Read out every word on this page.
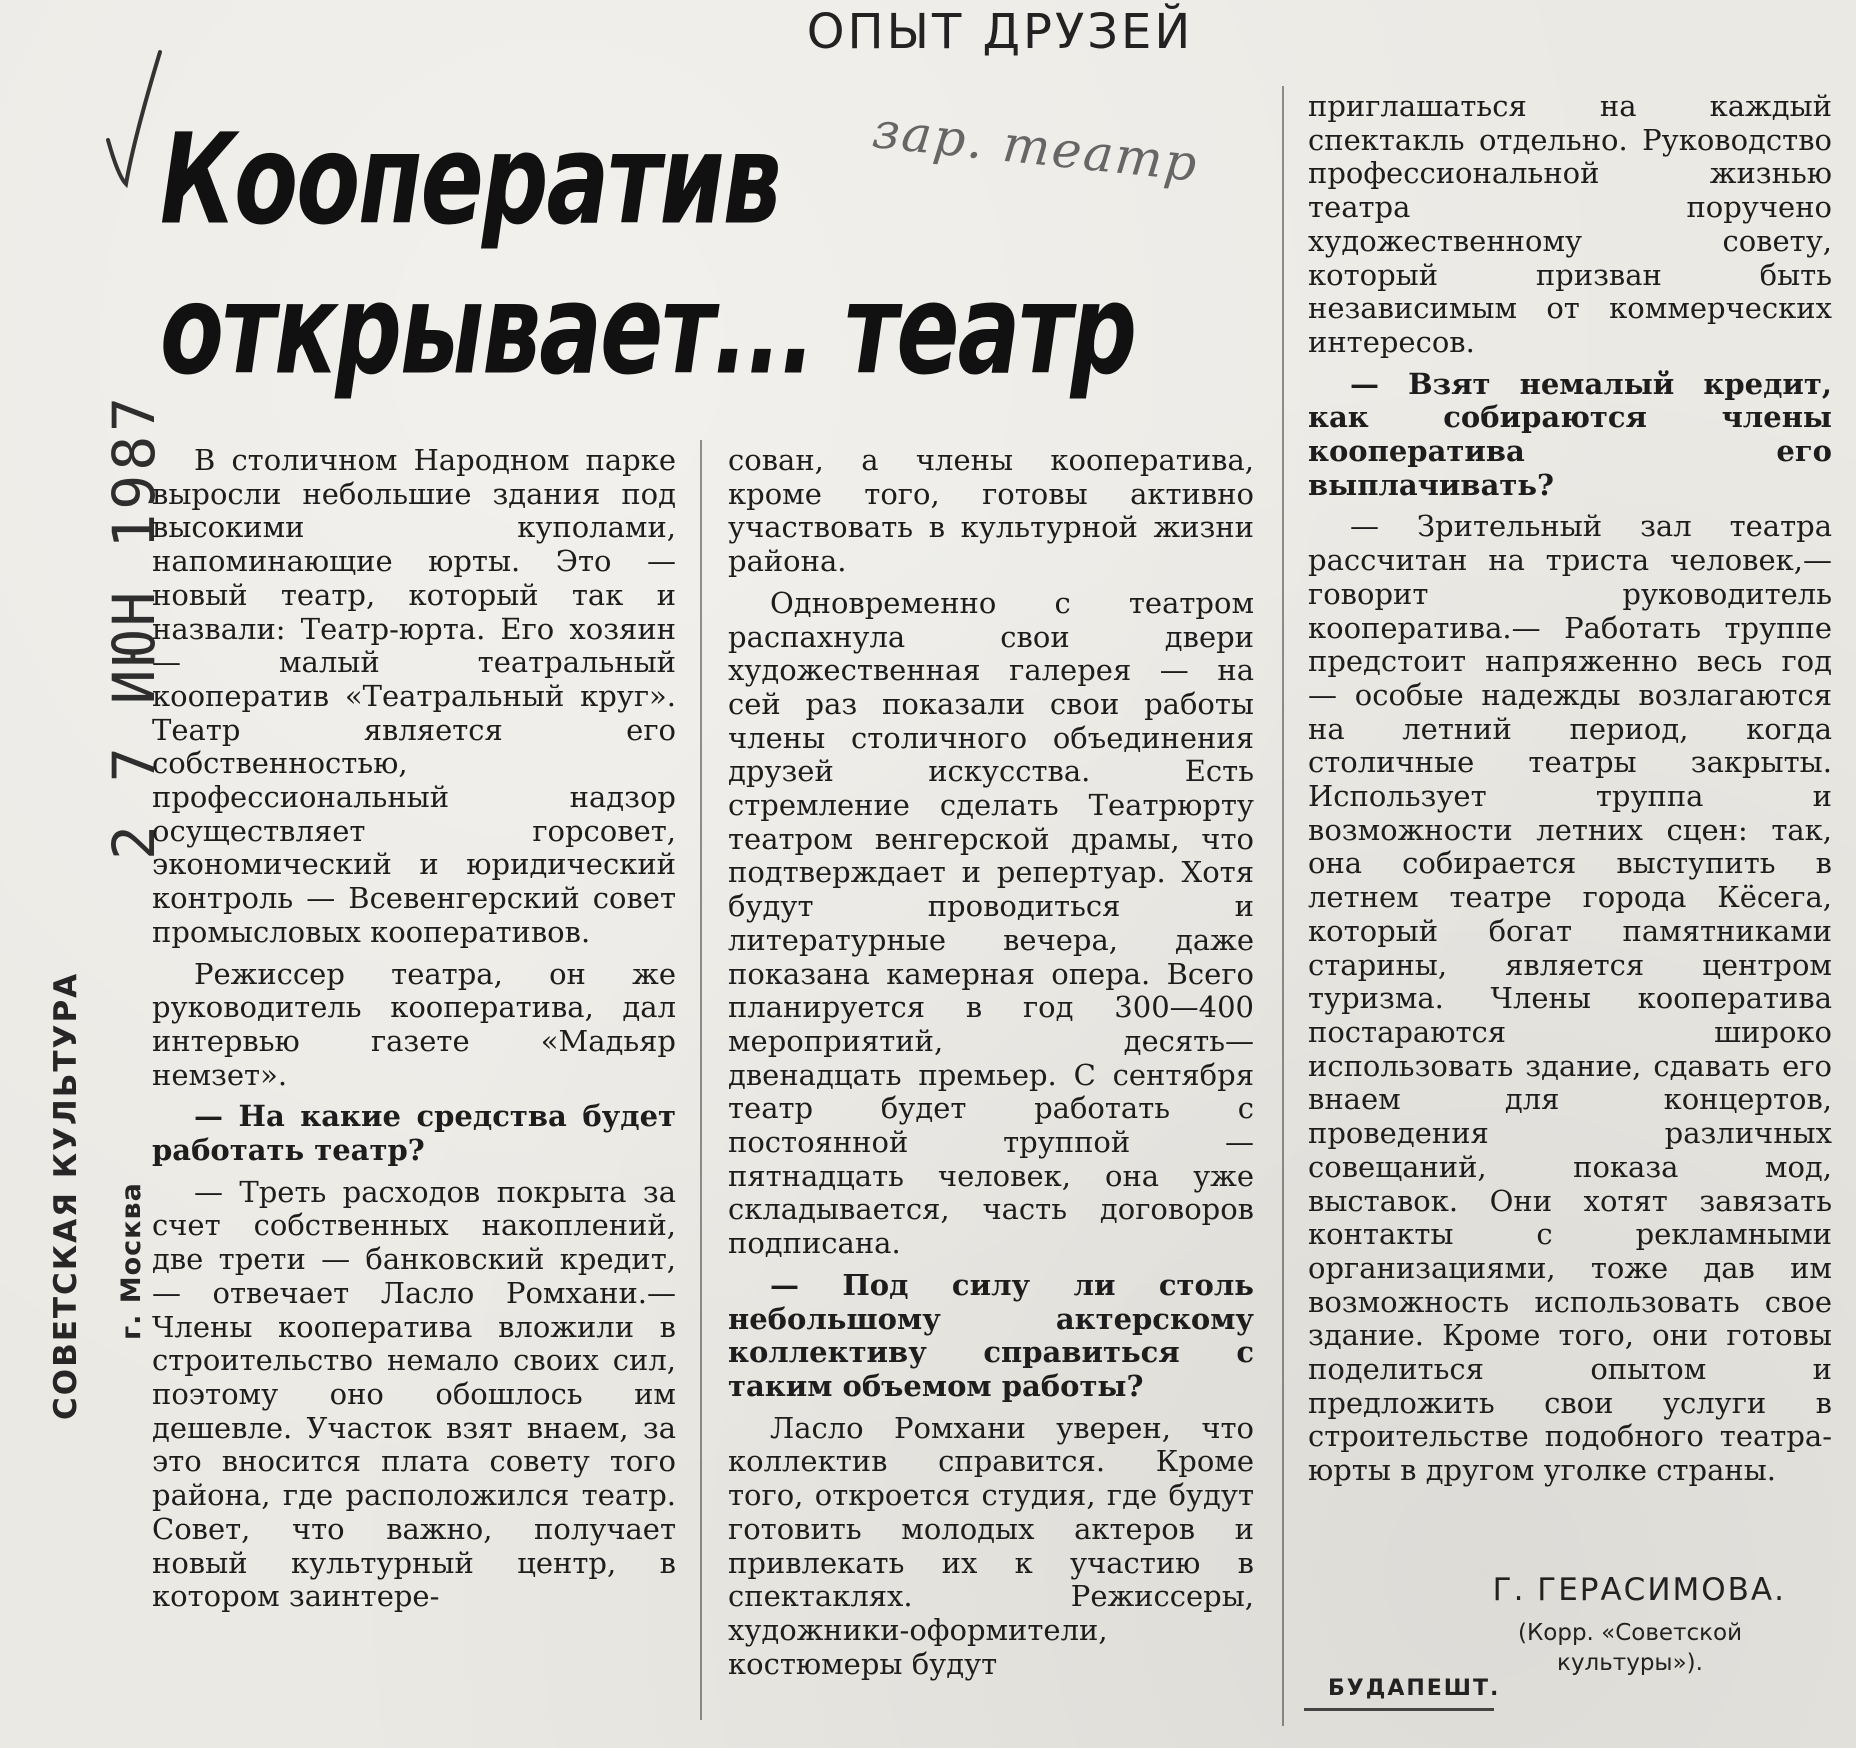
ОПЫТ ДРУЗЕЙ
Кооператив
открывает... театр
зар. театр
2 7 ИЮН 1987
СОВЕТСКАЯ КУЛЬТУРА г. Москва

В столичном Народном парке выросли небольшие здания под высокими куполами, напоминающие юрты. Это — новый театр, который так и назвали: Театр-юрта. Его хозяин — малый театральный кооператив «Театральный круг». Театр является его собственностью, профессиональный надзор осуществляет горсовет, экономический и юридический контроль — Всевенгерский совет промысловых кооперативов.

Режиссер театра, он же руководитель кооператива, дал интервью газете «Мадьяр немзет».

— На какие средства будет работать театр?

— Треть расходов покрыта за счет собственных накоплений, две трети — банковский кредит,— отвечает Ласло Ромхани.— Члены кооператива вложили в строительство немало своих сил, поэтому оно обошлось им дешевле. Участок взят внаем, за это вносится плата совету того района, где расположился театр. Совет, что важно, получает новый культурный центр, в котором заинтере-

сован, а члены кооператива, кроме того, готовы активно участвовать в культурной жизни района.

Одновременно с театром распахнула свои двери художественная галерея — на сей раз показали свои работы члены столичного объединения друзей искусства. Есть стремление сделать Театрюрту театром венгерской драмы, что подтверждает и репертуар. Хотя будут проводиться и литературные вечера, даже показана камерная опера. Всего планируется в год 300—400 мероприятий, десять—двенадцать премьер. С сентября театр будет работать с постоянной труппой — пятнадцать человек, она уже складывается, часть договоров подписана.

— Под силу ли столь небольшому актерскому коллективу справиться с таким объемом работы?

Ласло Ромхани уверен, что коллектив справится. Кроме того, откроется студия, где будут готовить молодых актеров и привлекать их к участию в спектаклях. Режиссеры, художники-оформители, костюмеры будут

приглашаться на каждый спектакль отдельно. Руководство профессиональной жизнью театра поручено художественному совету, который призван быть независимым от коммерческих интересов.

— Взят немалый кредит, как собираются члены кооператива его выплачивать?

— Зрительный зал театра рассчитан на триста человек,— говорит руководитель кооператива.— Работать труппе предстоит напряженно весь год — особые надежды возлагаются на летний период, когда столичные театры закрыты. Использует труппа и возможности летних сцен: так, она собирается выступить в летнем театре города Кёсега, который богат памятниками старины, является центром туризма. Члены кооператива постараются широко использовать здание, сдавать его внаем для концертов, проведения различных совещаний, показа мод, выставок. Они хотят завязать контакты с рекламными организациями, тоже дав им возможность использовать свое здание. Кроме того, они готовы поделиться опытом и предложить свои услуги в строительстве подобного театра-юрты в другом уголке страны.

Г. ГЕРАСИМОВА.
(Корр. «Советской
культуры»).
БУДАПЕШТ.
